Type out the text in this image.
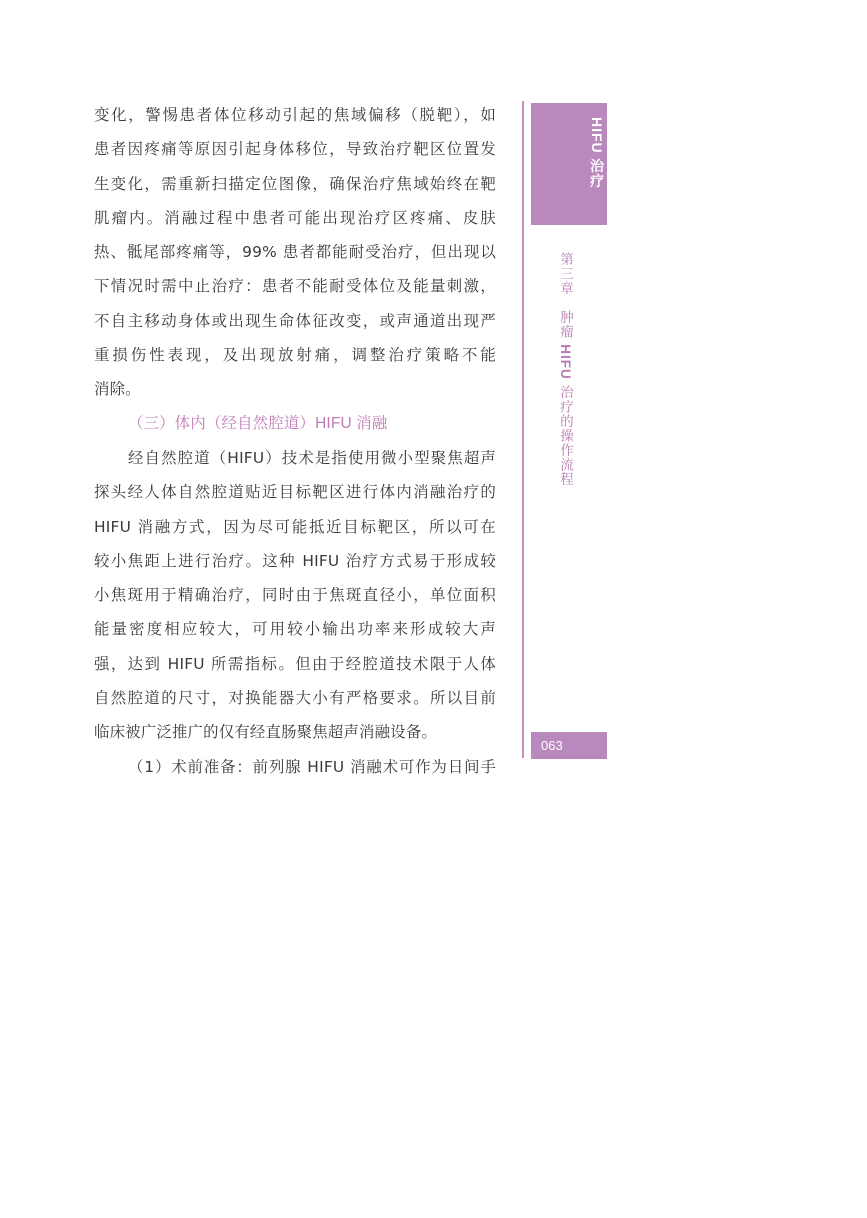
变化，警惕患者体位移动引起的焦域偏移（脱靶），如
患者因疼痛等原因引起身体移位，导致治疗靶区位置发
生变化，需重新扫描定位图像，确保治疗焦域始终在靶
肌瘤内。消融过程中患者可能出现治疗区疼痛、皮肤
热、骶尾部疼痛等，99% 患者都能耐受治疗，但出现以
下情况时需中止治疗：患者不能耐受体位及能量刺激，
不自主移动身体或出现生命体征改变，或声通道出现严
重损伤性表现，及出现放射痛，调整治疗策略不能
消除。
（三）体内（经自然腔道）HIFU 消融
经自然腔道（HIFU）技术是指使用微小型聚焦超声
探头经人体自然腔道贴近目标靶区进行体内消融治疗的
HIFU 消融方式，因为尽可能抵近目标靶区，所以可在
较小焦距上进行治疗。这种 HIFU 治疗方式易于形成较
小焦斑用于精确治疗，同时由于焦斑直径小，单位面积
能量密度相应较大，可用较小输出功率来形成较大声
强，达到 HIFU 所需指标。但由于经腔道技术限于人体
自然腔道的尺寸，对换能器大小有严格要求。所以目前
临床被广泛推广的仅有经直肠聚焦超声消融设备。
（1）术前准备：前列腺 HIFU 消融术可作为日间手
HIFU 治疗
第三章　肿瘤 HIFU 治疗的操作流程
063
